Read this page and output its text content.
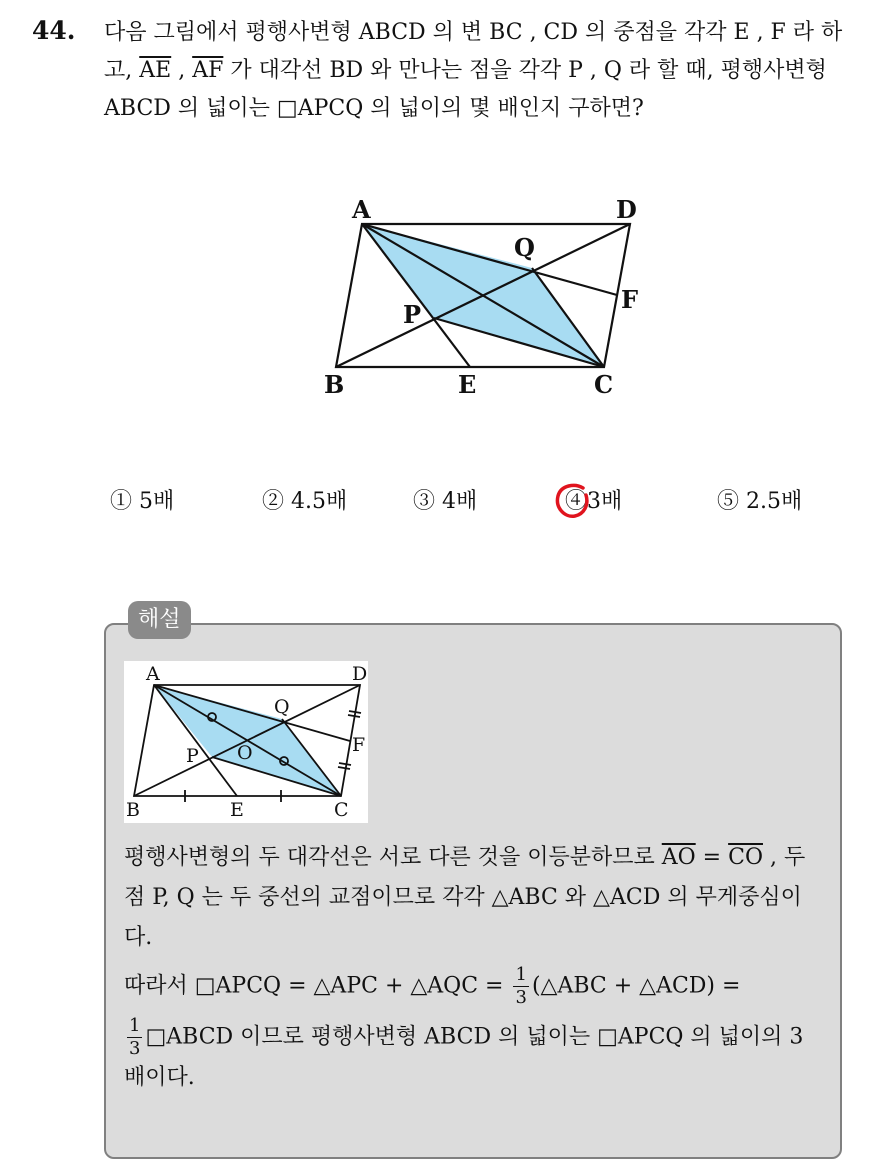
44. 다음 그림에서 평행사변형 ABCD 의 변 BC , CD 의 중점을 각각 E , F 라 하고, $\overline{AE}$ , $\overline{AF}$ 가 대각선 BD 와 만나는 점을 각각 P , Q 라 할 때, 평행사변형 ABCD 의 넓이는 □APCQ 의 넓이의 몇 배인지 구하면?
A	D
Q
F
P
B	E	C
① 5배	② 4.5배	③ 4배	④3배	⑤ 2.5배
해설
A	D
Q
F
P O
B	E	C

평행사변형의 두 대각선은 서로 다른 것을 이등분하므로 $\overline{AO} = \overline{CO}$ , 두 점 P, Q 는 두 중선의 교점이므로 각각 △ABC 와 △ACD 의 무게중심이다.

따라서 □APCQ = △APC + △AQC = $\frac{1}{3}$ (△ABC + △ACD) =

$\frac{1}{3}$ □ABCD 이므로 평행사변형 ABCD 의 넓이는 □APCQ 의 넓이의 3 배이다.
